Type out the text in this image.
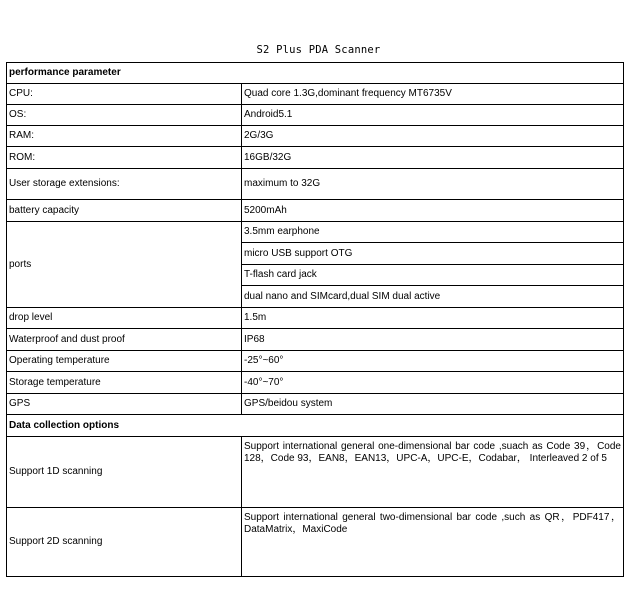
S2 Plus PDA Scanner
performance parameter	
CPU:	Quad core 1.3G,dominant frequency MT6735V
OS:	Android5.1
RAM:	2G/3G
ROM:	16GB/32G
User storage extensions:	maximum to 32G
battery capacity	5200mAh
ports	3.5mm earphone
	micro USB support OTG
	T-flash card jack
	dual nano and SIMcard,dual SIM dual active
drop level	1.5m
Waterproof and dust proof	IP68
Operating temperature	-25°~60°
Storage temperature	-40°~70°
GPS	GPS/beidou system
Data collection options	
Support 1D scanning	Support international general one-dimensional bar code ,suach as Code 39，Code 128，Code 93，EAN8，EAN13，UPC-A，UPC-E，Codabar， Interleaved 2 of 5
Support 2D scanning	Support international general two-dimensional bar code ,such as QR，PDF417，DataMatrix，MaxiCode
